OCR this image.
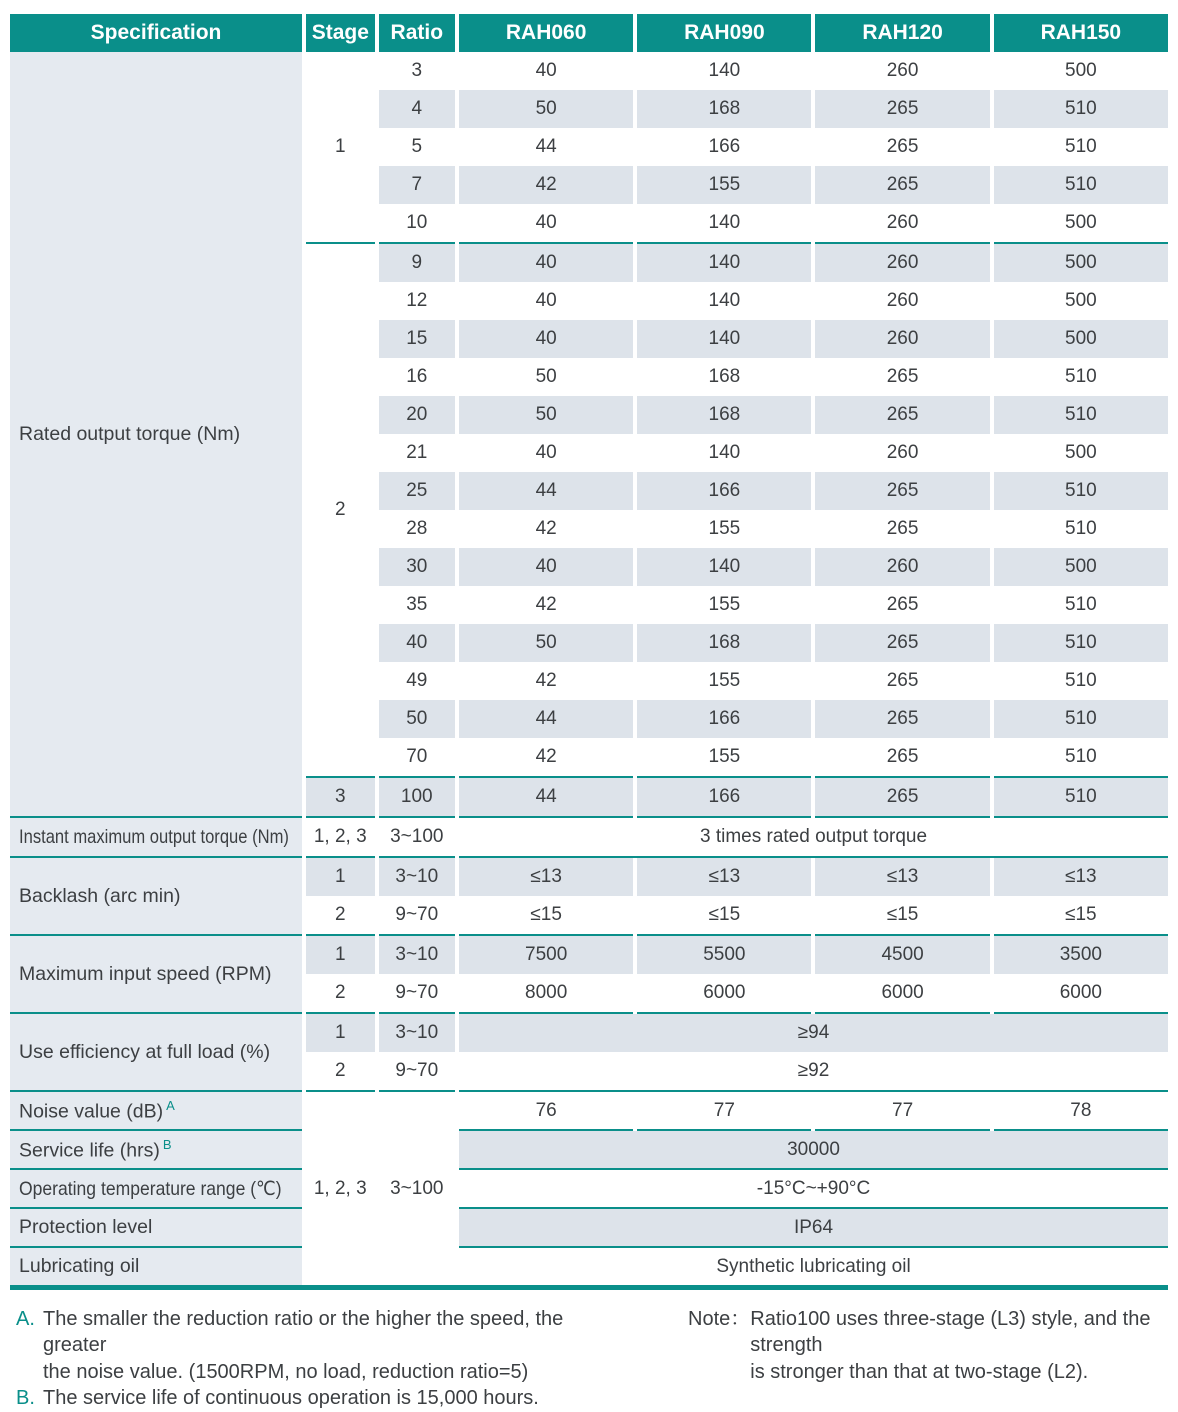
Specification	Stage	Ratio	RAH060	RAH090	RAH120	RAH150
Rated output torque (Nm)	1	3	40	140	260	500
		4	50	168	265	510
		5	44	166	265	510
		7	42	155	265	510
		10	40	140	260	500
	2	9	40	140	260	500
		12	40	140	260	500
		15	40	140	260	500
		16	50	168	265	510
		20	50	168	265	510
		21	40	140	260	500
		25	44	166	265	510
		28	42	155	265	510
		30	40	140	260	500
		35	42	155	265	510
		40	50	168	265	510
		49	42	155	265	510
		50	44	166	265	510
		70	42	155	265	510
	3	100	44	166	265	510
Instant maximum output torque (Nm)	1, 2, 3	3~100	3 times rated output torque			
Backlash (arc min)	1	3~10	≤13	≤13	≤13	≤13
	2	9~70	≤15	≤15	≤15	≤15
Maximum input speed (RPM)	1	3~10	7500	5500	4500	3500
	2	9~70	8000	6000	6000	6000
Use efficiency at full load (%)	1	3~10	≥94			
	2	9~70	≥92			
Noise value (dB) $^A$	1, 2, 3	3~100	76	77	77	78
Service life (hrs) $^B$			30000			
Operating temperature range (℃)			-15°C~+90°C			
Protection level			IP64			
Lubricating oil			Synthetic lubricating oil			
A. The smaller the reduction ratio or the higher the speed, the greater
the noise value. (1500RPM, no load, reduction ratio=5)
B. The service life of continuous operation is 15,000 hours.
Note： Ratio100 uses three-stage (L3) style, and the strength
is stronger than that at two-stage (L2).
